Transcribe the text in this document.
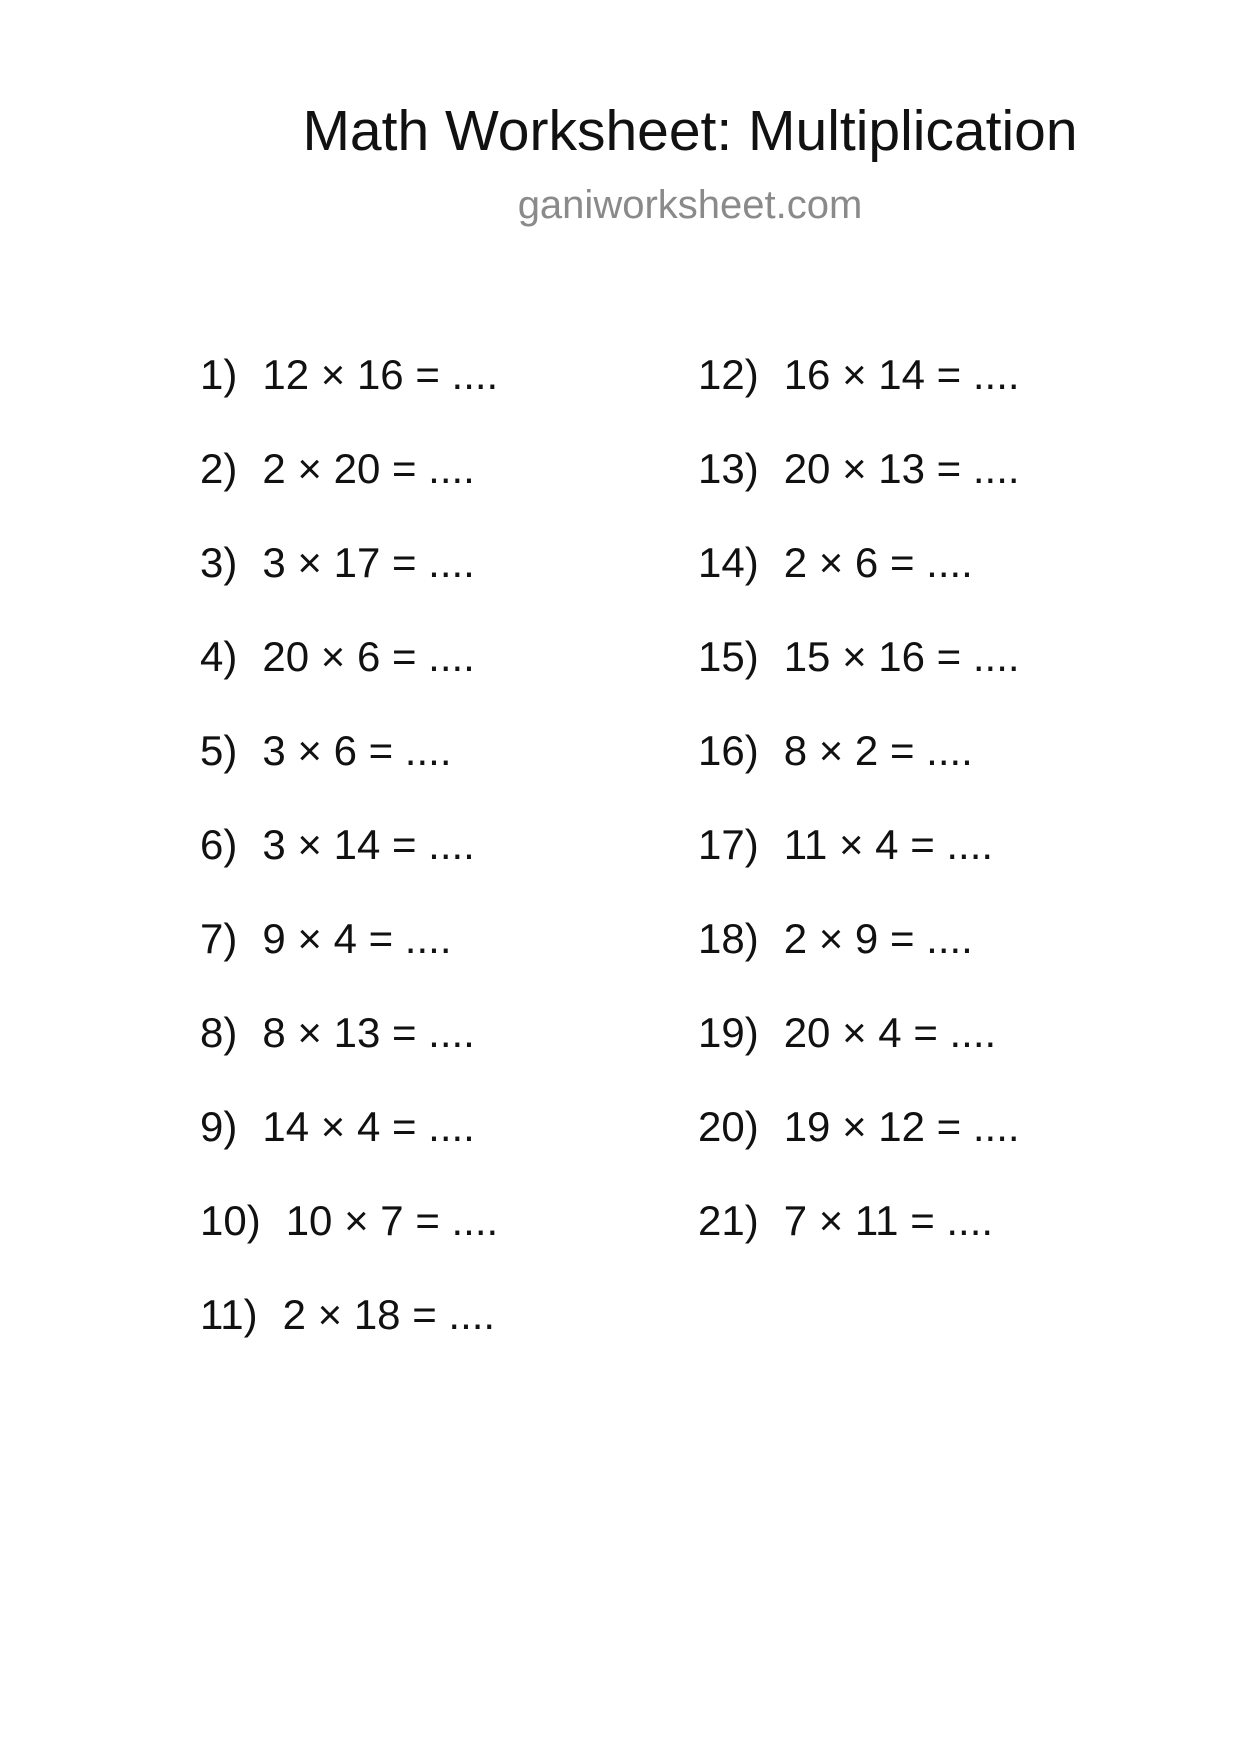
Math Worksheet: Multiplication
ganiworksheet.com
1) 12 × 16 = ....
2) 2 × 20 = ....
3) 3 × 17 = ....
4) 20 × 6 = ....
5) 3 × 6 = ....
6) 3 × 14 = ....
7) 9 × 4 = ....
8) 8 × 13 = ....
9) 14 × 4 = ....
10) 10 × 7 = ....
11) 2 × 18 = ....
12) 16 × 14 = ....
13) 20 × 13 = ....
14) 2 × 6 = ....
15) 15 × 16 = ....
16) 8 × 2 = ....
17) 11 × 4 = ....
18) 2 × 9 = ....
19) 20 × 4 = ....
20) 19 × 12 = ....
21) 7 × 11 = ....
